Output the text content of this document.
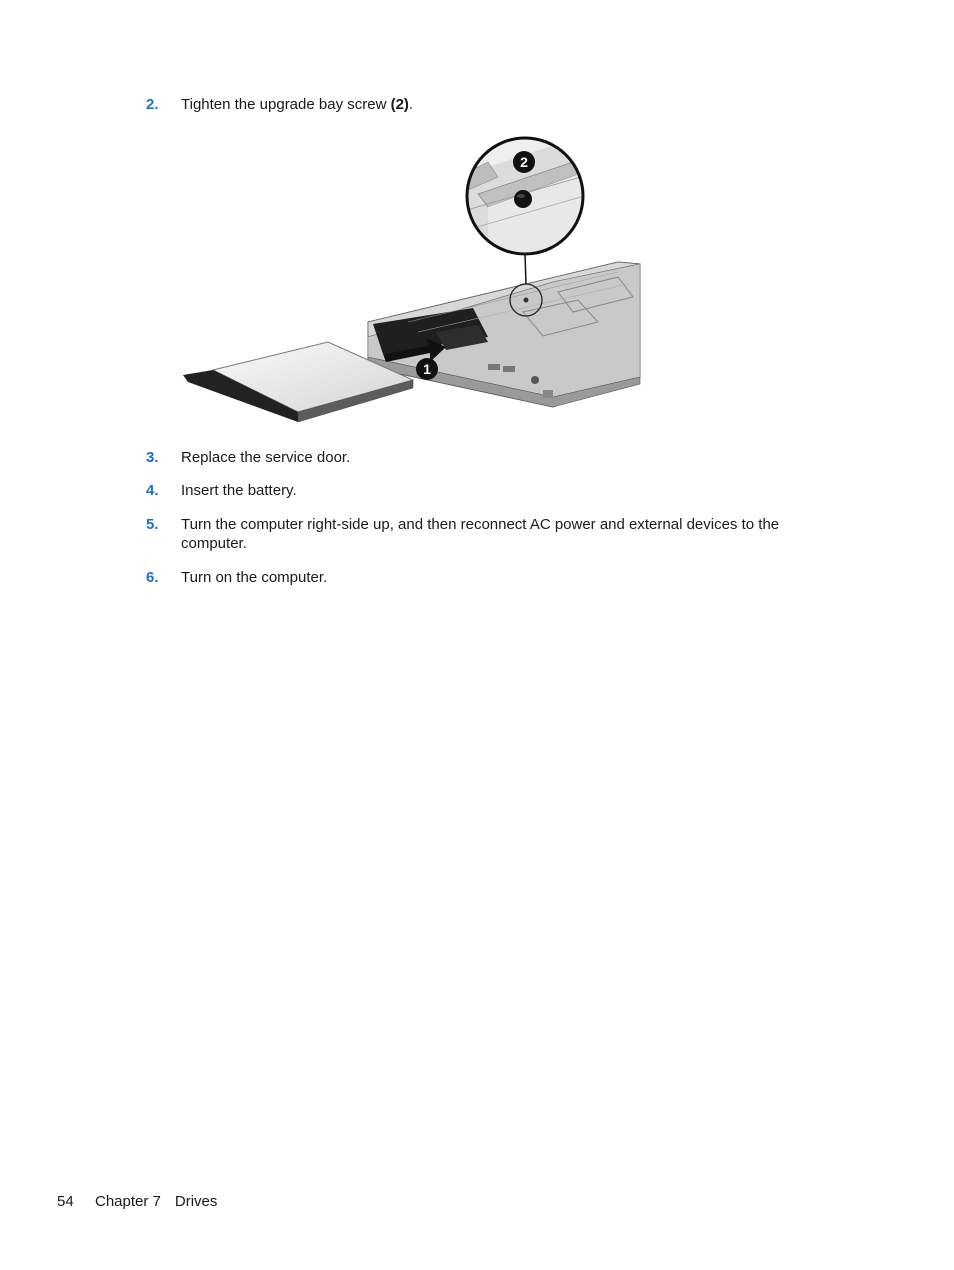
2. Tighten the upgrade bay screw (2).
1
2
3. Replace the service door.
4. Insert the battery.
5. Turn the computer right-side up, and then reconnect AC power and external devices to the computer.
6. Turn on the computer.
54 Chapter 7 Drives
